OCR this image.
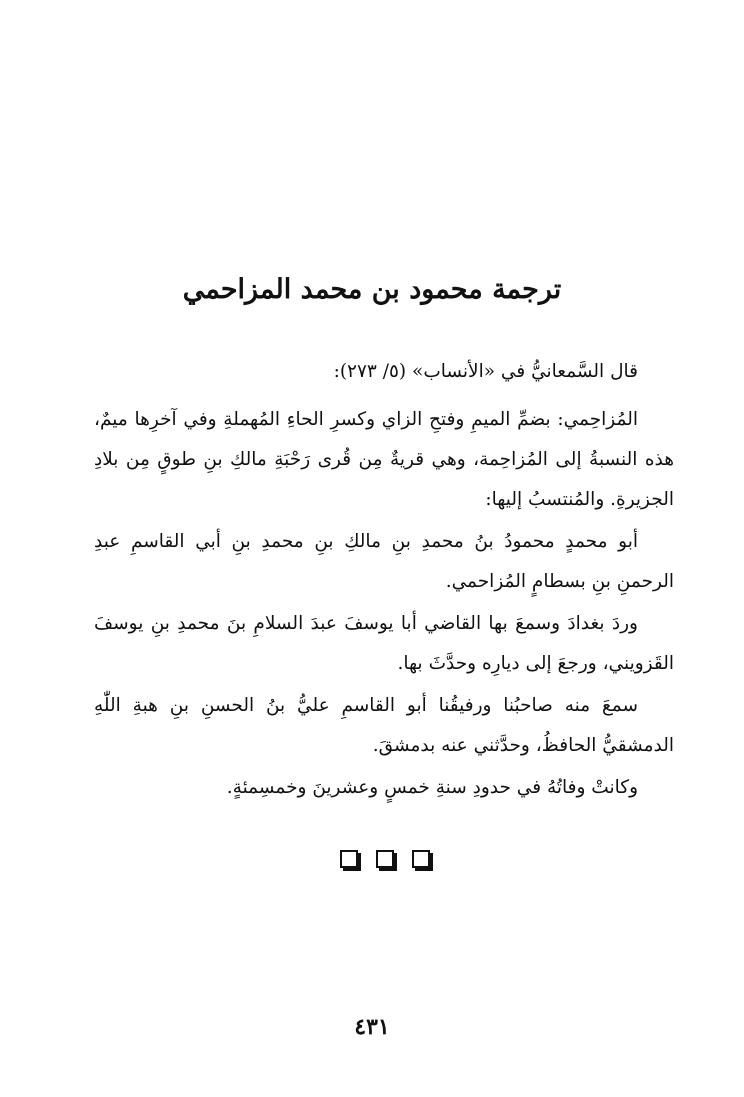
ترجمة محمود بن محمد المزاحمي

قال السَّمعانيُّ في «الأنساب» (٥/ ٢٧٣):

المُزاحِمي: بضمِّ الميمِ وفتحِ الزاي وكسرِ الحاءِ المُهملةِ وفي آخرِها ميمٌ، هذه النسبةُ إلى المُزاحِمة، وهي قريةٌ مِن قُرى رَحْبَةِ مالكِ بنِ طوقٍ مِن بلادِ الجزيرةِ. والمُنتسبُ إليها:

أبو محمدٍ محمودُ بنُ محمدِ بنِ مالكِ بنِ محمدِ بنِ أبي القاسمِ عبدِ الرحمنِ بنِ بسطامٍ المُزاحمي.

وردَ بغدادَ وسمعَ بها القاضي أبا يوسفَ عبدَ السلامِ بنَ محمدِ بنِ يوسفَ القَزويني، ورجعَ إلى ديارِه وحدَّثَ بها.

سمعَ منه صاحبُنا ورفيقُنا أبو القاسمِ عليُّ بنُ الحسنِ بنِ هبةِ اللّٰهِ الدمشقيُّ الحافظُ، وحدَّثني عنه بدمشقَ.

وكانتْ وفاتُهُ في حدودِ سنةِ خمسٍ وعشرينَ وخمسِمئةٍ.

٤٣١
